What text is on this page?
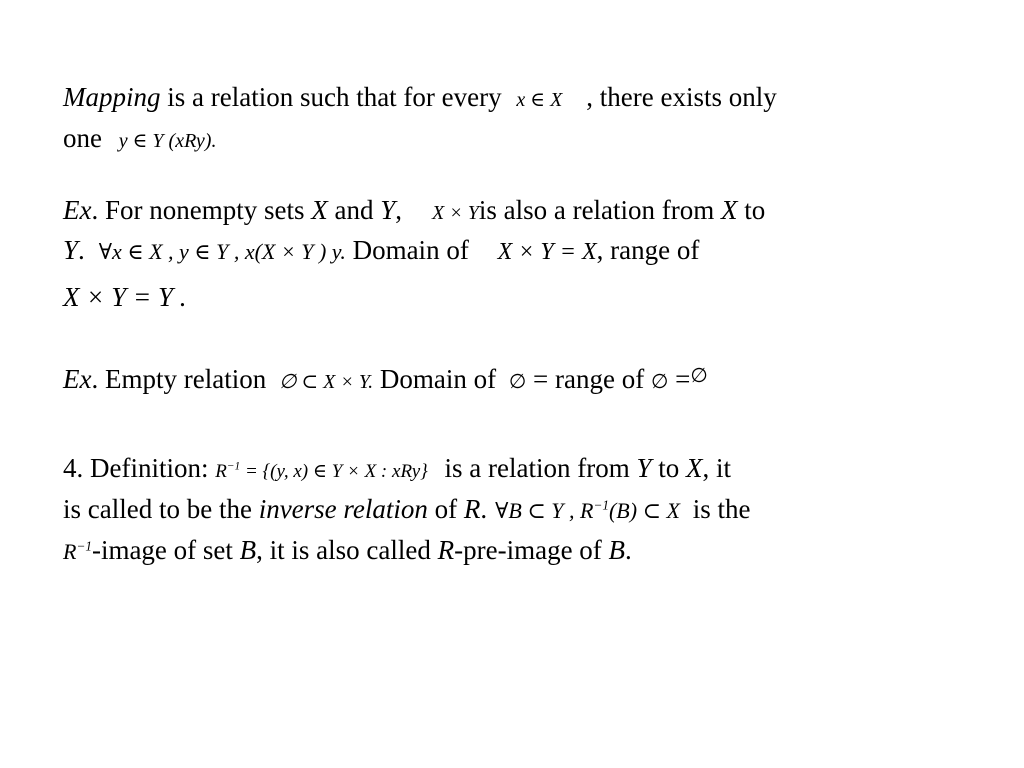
Mapping is a relation such that for every x ∈ X , there exists only
one y ∈ Y (xRy).
Ex. For nonempty sets X and Y, X × Yis also a relation from X to
Y. ∀x ∈ X , y ∈ Y , x(X × Y ) y. Domain of X × Y = X, range of
X × Y = Y .
Ex. Empty relation ∅ ⊂ X × Y. Domain of ∅ = range of ∅ =∅
4. Definition: $R^{-1} = \{(y$, x) ∈ Y × X : xRy} is a relation from Y to X, it
is called to be the inverse relation of R. ∀B ⊂ Y , $R^{-1}(B)$ ⊂ X is the
$R^{-1}$-image of set B, it is also called R-pre-image of B.
